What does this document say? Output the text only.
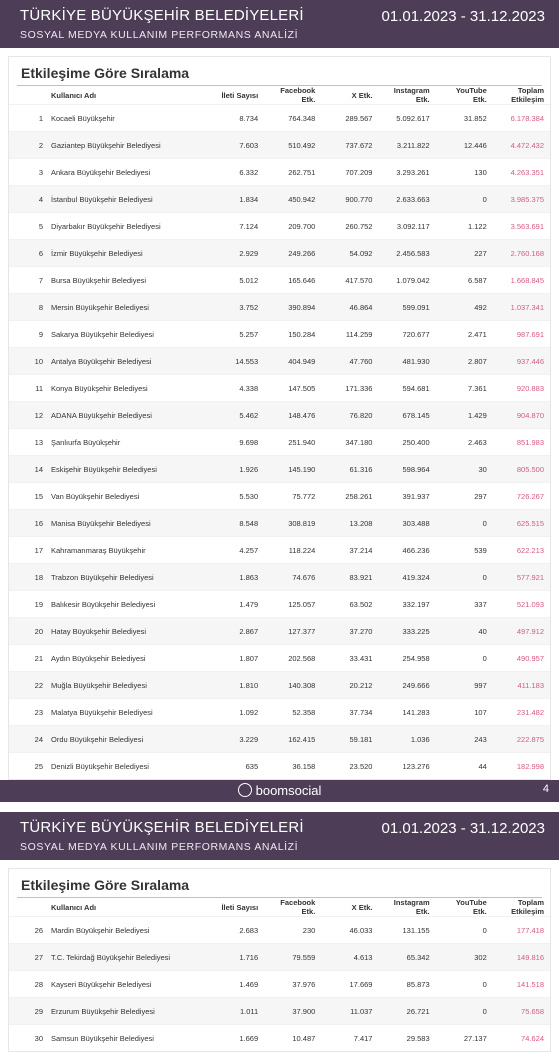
TÜRKİYE BÜYÜKŞEHİR BELEDİYELERİ
SOSYAL MEDYA KULLANIM PERFORMANS ANALİZİ
01.01.2023 - 31.12.2023
Etkileşime Göre Sıralama
	Kullanıcı Adı	İleti Sayısı	Facebook Etk.	X Etk.	Instagram Etk.	YouTube Etk.	Toplam Etkileşim
1	Kocaeli Büyükşehir	8.734	764.348	289.567	5.092.617	31.852	6.178.384
2	Gaziantep Büyükşehir Belediyesi	7.603	510.492	737.672	3.211.822	12.446	4.472.432
3	Ankara Büyükşehir Belediyesi	6.332	262.751	707.209	3.293.261	130	4.263.351
4	İstanbul Büyükşehir Belediyesi	1.834	450.942	900.770	2.633.663	0	3.985.375
5	Diyarbakır Büyükşehir Belediyesi	7.124	209.700	260.752	3.092.117	1.122	3.563.691
6	İzmir Büyükşehir Belediyesi	2.929	249.266	54.092	2.456.583	227	2.760.168
7	Bursa Büyükşehir Belediyesi	5.012	165.646	417.570	1.079.042	6.587	1.668.845
8	Mersin Büyükşehir Belediyesi	3.752	390.894	46.864	599.091	492	1.037.341
9	Sakarya Büyükşehir Belediyesi	5.257	150.284	114.259	720.677	2.471	987.691
10	Antalya Büyükşehir Belediyesi	14.553	404.949	47.760	481.930	2.807	937.446
11	Konya Büyükşehir Belediyesi	4.338	147.505	171.336	594.681	7.361	920.883
12	ADANA Büyükşehir Belediyesi	5.462	148.476	76.820	678.145	1.429	904.870
13	Şanlıurfa Büyükşehir	9.698	251.940	347.180	250.400	2.463	851.983
14	Eskişehir Büyükşehir Belediyesi	1.926	145.190	61.316	598.964	30	805.500
15	Van Büyükşehir Belediyesi	5.530	75.772	258.261	391.937	297	726.267
16	Manisa Büyükşehir Belediyesi	8.548	308.819	13.208	303.488	0	625.515
17	Kahramanmaraş Büyükşehir	4.257	118.224	37.214	466.236	539	622.213
18	Trabzon Büyükşehir Belediyesi	1.863	74.676	83.921	419.324	0	577.921
19	Balıkesir Büyükşehir Belediyesi	1.479	125.057	63.502	332.197	337	521.093
20	Hatay Büyükşehir Belediyesi	2.867	127.377	37.270	333.225	40	497.912
21	Aydın Büyükşehir Belediyesi	1.807	202.568	33.431	254.958	0	490.957
22	Muğla Büyükşehir Belediyesi	1.810	140.308	20.212	249.666	997	411.183
23	Malatya Büyükşehir Belediyesi	1.092	52.358	37.734	141.283	107	231.482
24	Ordu Büyükşehir Belediyesi	3.229	162.415	59.181	1.036	243	222.875
25	Denizli Büyükşehir Belediyesi	635	36.158	23.520	123.276	44	182.998
boomsocial	4
TÜRKİYE BÜYÜKŞEHİR BELEDİYELERİ
SOSYAL MEDYA KULLANIM PERFORMANS ANALİZİ
01.01.2023 - 31.12.2023
Etkileşime Göre Sıralama
	Kullanıcı Adı	İleti Sayısı	Facebook Etk.	X Etk.	Instagram Etk.	YouTube Etk.	Toplam Etkileşim
26	Mardin Büyükşehir Belediyesi	2.683	230	46.033	131.155	0	177.418
27	T.C. Tekirdağ Büyükşehir Belediyesi	1.716	79.559	4.613	65.342	302	149.816
28	Kayseri Büyükşehir Belediyesi	1.469	37.976	17.669	85.873	0	141.518
29	Erzurum Büyükşehir Belediyesi	1.011	37.900	11.037	26.721	0	75.658
30	Samsun Büyükşehir Belediyesi	1.669	10.487	7.417	29.583	27.137	74.624
